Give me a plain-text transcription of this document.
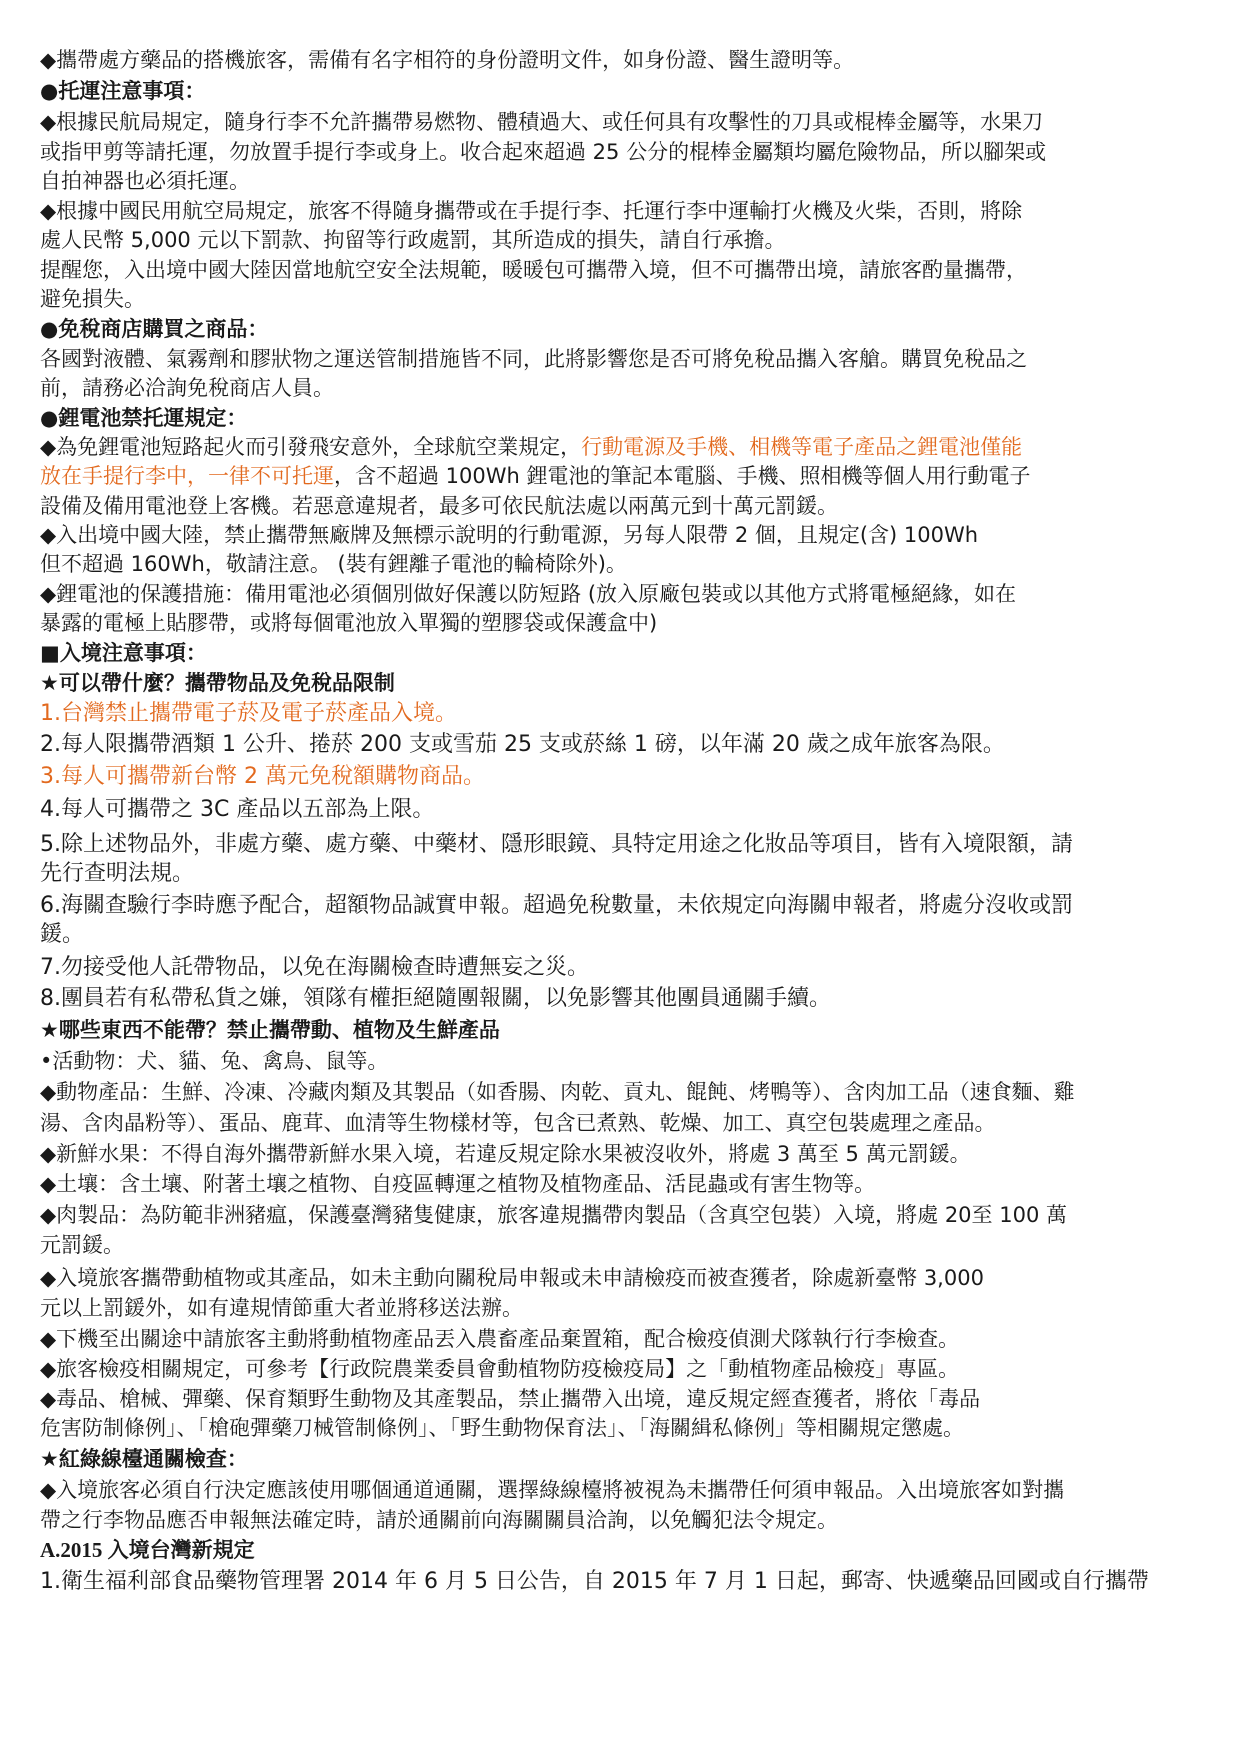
◆攜帶處方藥品的搭機旅客，需備有名字相符的身份證明文件，如身份證、醫生證明等。
●托運注意事項：
◆根據民航局規定，隨身行李不允許攜帶易燃物、體積過大、或任何具有攻擊性的刀具或棍棒金屬等，水果刀
或指甲剪等請托運，勿放置手提行李或身上。收合起來超過 25 公分的棍棒金屬類均屬危險物品，所以腳架或
自拍神器也必須托運。
◆根據中國民用航空局規定，旅客不得隨身攜帶或在手提行李、托運行李中運輸打火機及火柴，否則，將除
處人民幣 5,000 元以下罰款、拘留等行政處罰，其所造成的損失，請自行承擔。
提醒您，入出境中國大陸因當地航空安全法規範，暖暖包可攜帶入境，但不可攜帶出境，請旅客酌量攜帶，
避免損失。
●免稅商店購買之商品：
各國對液體、氣霧劑和膠狀物之運送管制措施皆不同，此將影響您是否可將免稅品攜入客艙。購買免稅品之
前，請務必洽詢免稅商店人員。
●鋰電池禁托運規定：
◆為免鋰電池短路起火而引發飛安意外，全球航空業規定，行動電源及手機、相機等電子產品之鋰電池僅能
放在手提行李中，一律不可托運，含不超過 100Wh 鋰電池的筆記本電腦、手機、照相機等個人用行動電子
設備及備用電池登上客機。若惡意違規者，最多可依民航法處以兩萬元到十萬元罰鍰。
◆入出境中國大陸，禁止攜帶無廠牌及無標示說明的行動電源，另每人限帶 2 個，且規定(含) 100Wh
但不超過 160Wh，敬請注意。 (裝有鋰離子電池的輪椅除外)。
◆鋰電池的保護措施：備用電池必須個別做好保護以防短路 (放入原廠包裝或以其他方式將電極絕緣，如在
暴露的電極上貼膠帶，或將每個電池放入單獨的塑膠袋或保護盒中)
■入境注意事項：
★可以帶什麼？攜帶物品及免稅品限制
1.台灣禁止攜帶電子菸及電子菸產品入境。
2.每人限攜帶酒類 1 公升、捲菸 200 支或雪茄 25 支或菸絲 1 磅，以年滿 20 歲之成年旅客為限。
3.每人可攜帶新台幣 2 萬元免稅額購物商品。
4.每人可攜帶之 3C 產品以五部為上限。
5.除上述物品外，非處方藥、處方藥、中藥材、隱形眼鏡、具特定用途之化妝品等項目，皆有入境限額，請
先行查明法規。
6.海關查驗行李時應予配合，超額物品誠實申報。超過免稅數量，未依規定向海關申報者，將處分沒收或罰
鍰。
7.勿接受他人託帶物品，以免在海關檢查時遭無妄之災。
8.團員若有私帶私貨之嫌，領隊有權拒絕隨團報關，以免影響其他團員通關手續。
★哪些東西不能帶？禁止攜帶動、植物及生鮮產品
•活動物：犬、貓、兔、禽鳥、鼠等。
◆動物產品：生鮮、冷凍、冷藏肉類及其製品（如香腸、肉乾、貢丸、餛飩、烤鴨等）、含肉加工品（速食麵、雞
湯、含肉晶粉等）、蛋品、鹿茸、血清等生物樣材等，包含已煮熟、乾燥、加工、真空包裝處理之產品。
◆新鮮水果：不得自海外攜帶新鮮水果入境，若違反規定除水果被沒收外，將處 3 萬至 5 萬元罰鍰。
◆土壤：含土壤、附著土壤之植物、自疫區轉運之植物及植物產品、活昆蟲或有害生物等。
◆肉製品：為防範非洲豬瘟，保護臺灣豬隻健康，旅客違規攜帶肉製品（含真空包裝）入境，將處 20至 100 萬
元罰鍰。
◆入境旅客攜帶動植物或其產品，如未主動向關稅局申報或未申請檢疫而被查獲者，除處新臺幣 3,000
元以上罰鍰外，如有違規情節重大者並將移送法辦。
◆下機至出關途中請旅客主動將動植物產品丟入農畜產品棄置箱，配合檢疫偵測犬隊執行行李檢查。
◆旅客檢疫相關規定，可參考【行政院農業委員會動植物防疫檢疫局】之「動植物產品檢疫」專區。
◆毒品、槍械、彈藥、保育類野生動物及其產製品，禁止攜帶入出境，違反規定經查獲者，將依「毒品
危害防制條例」、「槍砲彈藥刀械管制條例」、「野生動物保育法」、「海關緝私條例」等相關規定懲處。
★紅綠線檯通關檢查：
◆入境旅客必須自行決定應該使用哪個通道通關，選擇綠線檯將被視為未攜帶任何須申報品。入出境旅客如對攜
帶之行李物品應否申報無法確定時，請於通關前向海關關員洽詢，以免觸犯法令規定。
A.2015 入境台灣新規定
1.衛生福利部食品藥物管理署 2014 年 6 月 5 日公告，自 2015 年 7 月 1 日起，郵寄、快遞藥品回國或自行攜帶
